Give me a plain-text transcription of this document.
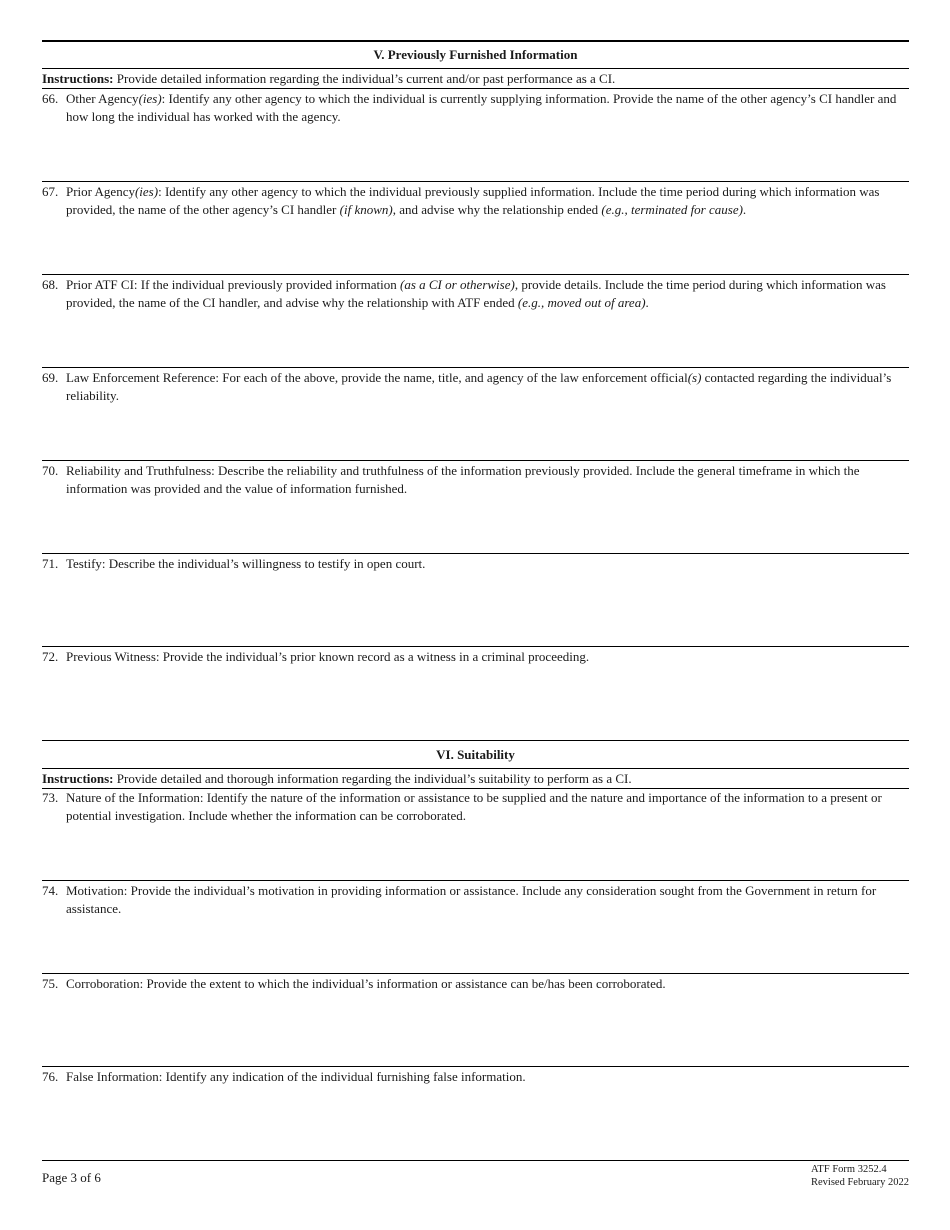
V. Previously Furnished Information
Instructions: Provide detailed information regarding the individual’s current and/or past performance as a CI.
66. Other Agency(ies): Identify any other agency to which the individual is currently supplying information. Provide the name of the other agency’s CI handler and how long the individual has worked with the agency.
67. Prior Agency(ies): Identify any other agency to which the individual previously supplied information. Include the time period during which information was provided, the name of the other agency’s CI handler (if known), and advise why the relationship ended (e.g., terminated for cause).
68. Prior ATF CI: If the individual previously provided information (as a CI or otherwise), provide details. Include the time period during which information was provided, the name of the CI handler, and advise why the relationship with ATF ended (e.g., moved out of area).
69. Law Enforcement Reference: For each of the above, provide the name, title, and agency of the law enforcement official(s) contacted regarding the individual’s reliability.
70. Reliability and Truthfulness: Describe the reliability and truthfulness of the information previously provided. Include the general timeframe in which the information was provided and the value of information furnished.
71. Testify: Describe the individual’s willingness to testify in open court.
72. Previous Witness: Provide the individual’s prior known record as a witness in a criminal proceeding.
VI. Suitability
Instructions: Provide detailed and thorough information regarding the individual’s suitability to perform as a CI.
73. Nature of the Information: Identify the nature of the information or assistance to be supplied and the nature and importance of the information to a present or potential investigation. Include whether the information can be corroborated.
74. Motivation: Provide the individual’s motivation in providing information or assistance. Include any consideration sought from the Government in return for assistance.
75. Corroboration: Provide the extent to which the individual’s information or assistance can be/has been corroborated.
76. False Information: Identify any indication of the individual furnishing false information.
Page 3 of 6
ATF Form 3252.4
Revised February 2022
